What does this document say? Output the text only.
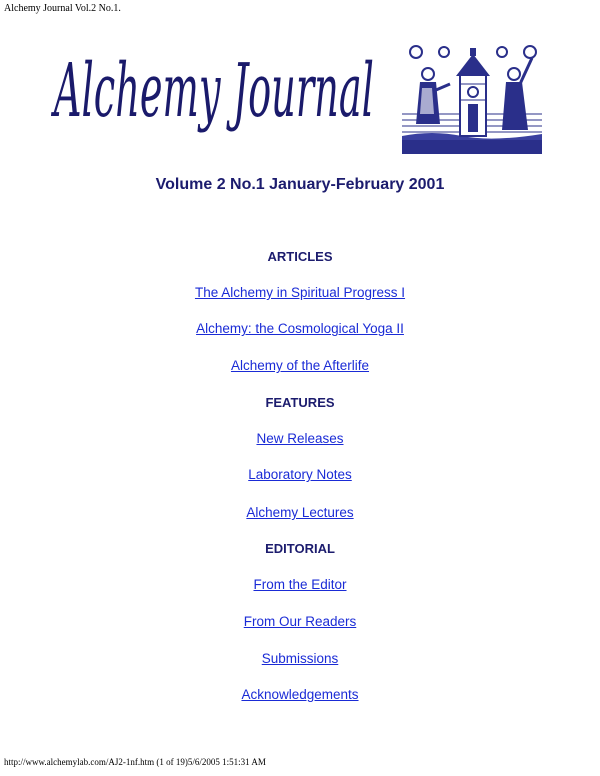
Alchemy Journal Vol.2 No.1.
Alchemy Journal
Volume 2 No.1 January-February 2001
ARTICLES
The Alchemy in Spiritual Progress I
Alchemy: the Cosmological Yoga II
Alchemy of the Afterlife
FEATURES
New Releases
Laboratory Notes
Alchemy Lectures
EDITORIAL
From the Editor
From Our Readers
Submissions
Acknowledgements
http://www.alchemylab.com/AJ2-1nf.htm (1 of 19)5/6/2005 1:51:31 AM
